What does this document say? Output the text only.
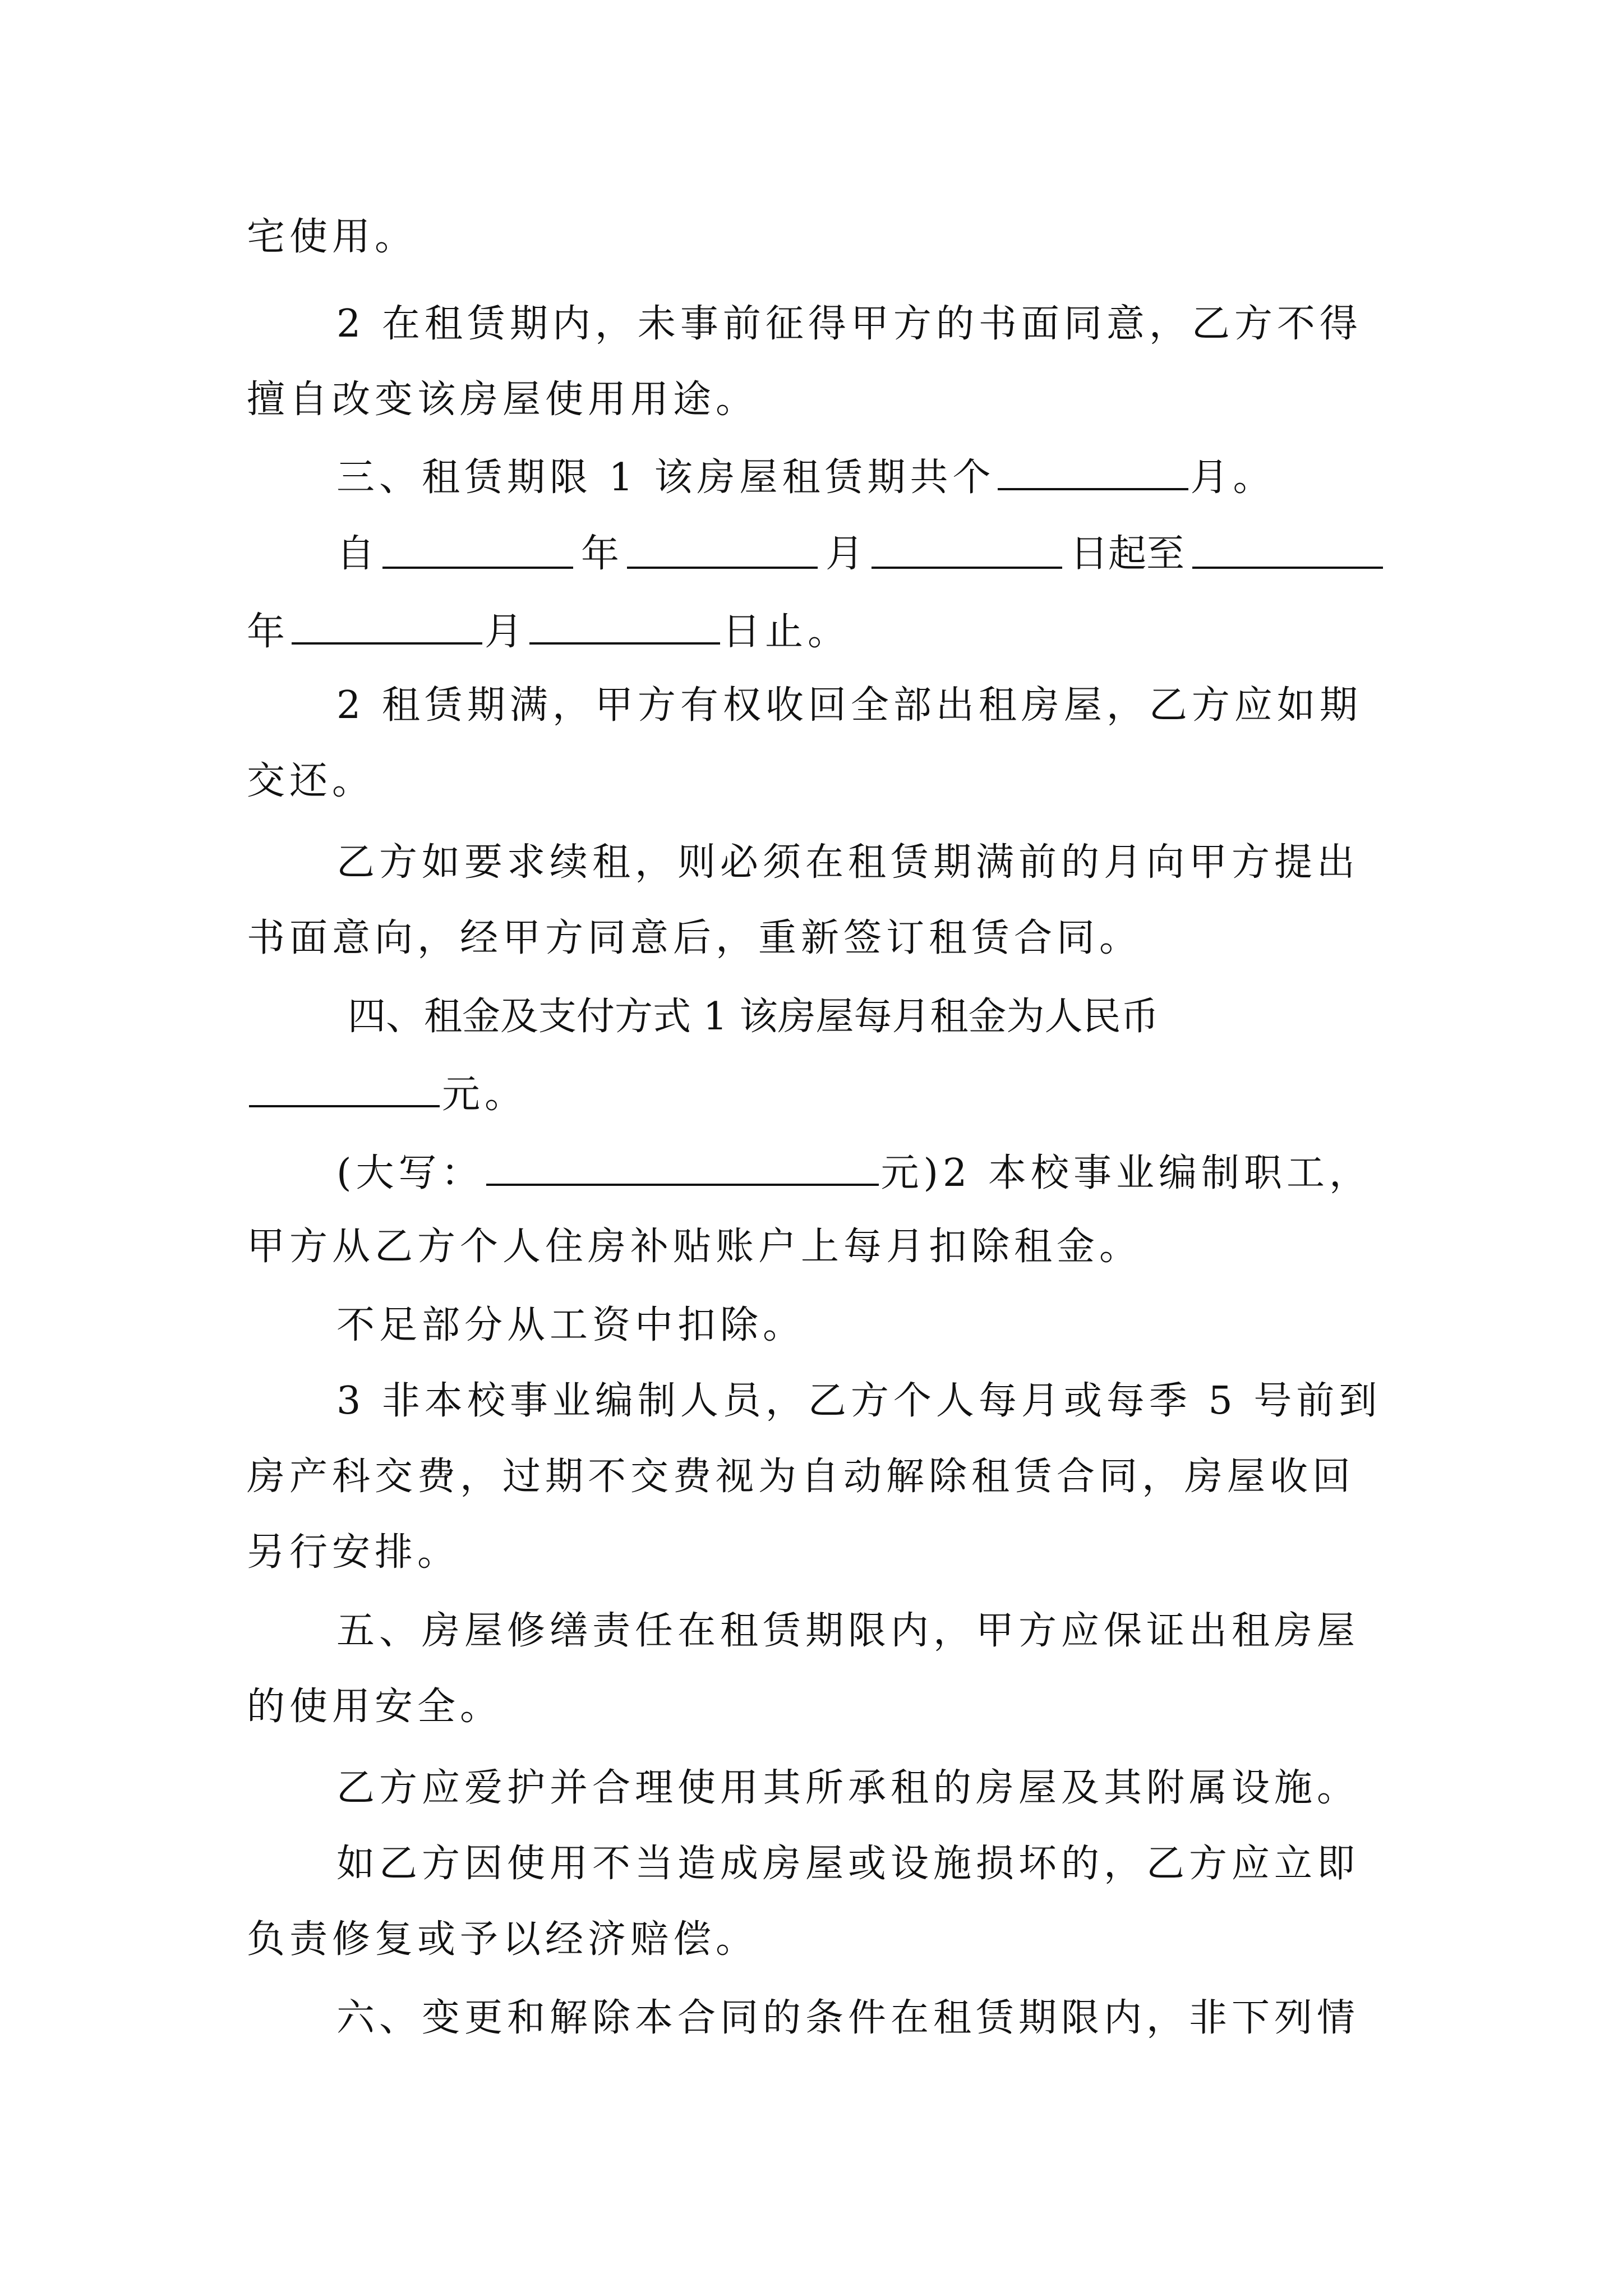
宅使用。
2 在租赁期内，未事前征得甲方的书面同意，乙方不得
擅自改变该房屋使用用途。
三、租赁期限 1 该房屋租赁期共个	月。
自	年	月	日起至
年	月	日止。
2 租赁期满，甲方有权收回全部出租房屋，乙方应如期
交还。
乙方如要求续租，则必须在租赁期满前的月向甲方提出
书面意向，经甲方同意后，重新签订租赁合同。
四、租金及支付方式 1 该房屋每月租金为人民币
元。
(大写：	元)2 本校事业编制职工，
甲方从乙方个人住房补贴账户上每月扣除租金。
不足部分从工资中扣除。
3 非本校事业编制人员，乙方个人每月或每季 5 号前到
房产科交费，过期不交费视为自动解除租赁合同，房屋收回
另行安排。
五、房屋修缮责任在租赁期限内，甲方应保证出租房屋
的使用安全。
乙方应爱护并合理使用其所承租的房屋及其附属设施。
如乙方因使用不当造成房屋或设施损坏的，乙方应立即
负责修复或予以经济赔偿。
六、变更和解除本合同的条件在租赁期限内，非下列情
